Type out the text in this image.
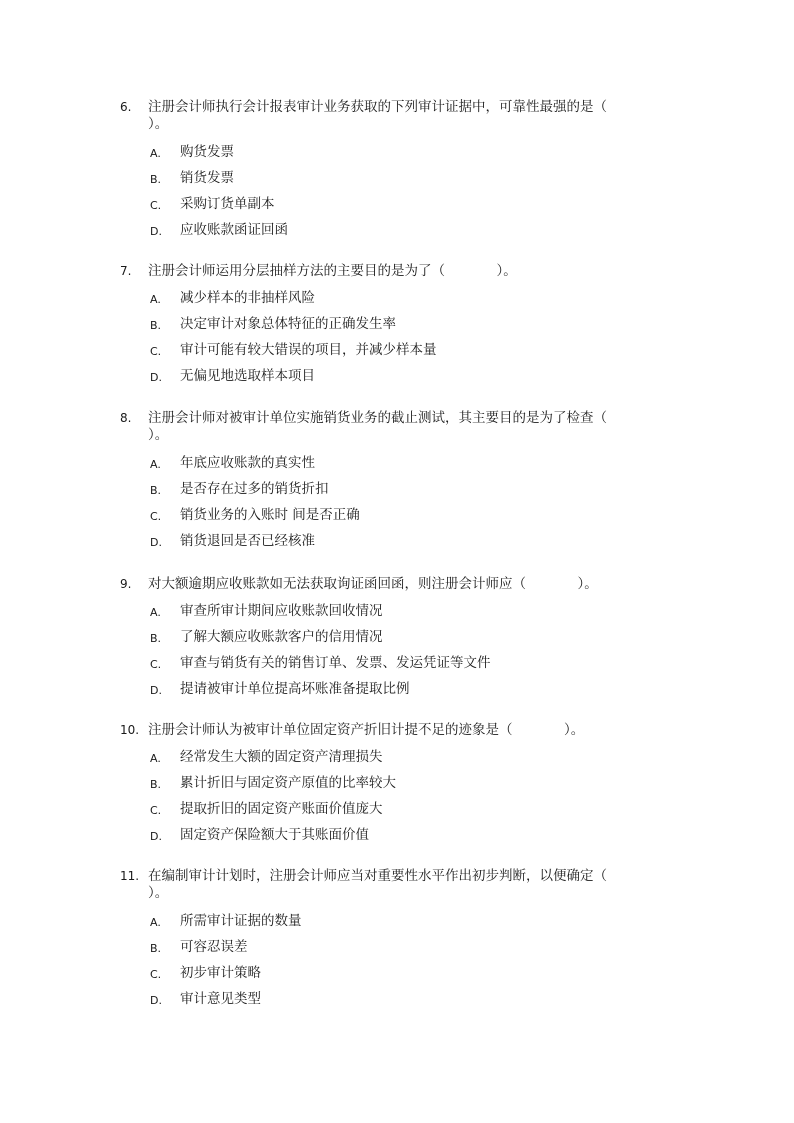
6.	注册会计师执行会计报表审计业务获取的下列审计证据中，可靠性最强的是（
）。
A.	购货发票
B.	销货发票
C.	采购订货单副本
D.	应收账款函证回函
7.	注册会计师运用分层抽样方法的主要目的是为了（            ）。
A.	减少样本的非抽样风险
B.	决定审计对象总体特征的正确发生率
C.	审计可能有较大错误的项目，并减少样本量
D.	无偏见地选取样本项目
8.	注册会计师对被审计单位实施销货业务的截止测试，其主要目的是为了检查（
）。
A.	年底应收账款的真实性
B.	是否存在过多的销货折扣
C.	销货业务的入账时 间是否正确
D.	销货退回是否已经核准
9.	对大额逾期应收账款如无法获取询证函回函，则注册会计师应（            ）。
A.	审查所审计期间应收账款回收情况
B.	了解大额应收账款客户的信用情况
C.	审查与销货有关的销售订单、发票、发运凭证等文件
D.	提请被审计单位提高坏账准备提取比例
10. 注册会计师认为被审计单位固定资产折旧计提不足的迹象是（            ）。
A.	经常发生大额的固定资产清理损失
B.	累计折旧与固定资产原值的比率较大
C.	提取折旧的固定资产账面价值庞大
D.	固定资产保险额大于其账面价值
11. 在编制审计计划时，注册会计师应当对重要性水平作出初步判断，以便确定（
）。
A.	所需审计证据的数量
B.	可容忍误差
C.	初步审计策略
D.	审计意见类型
